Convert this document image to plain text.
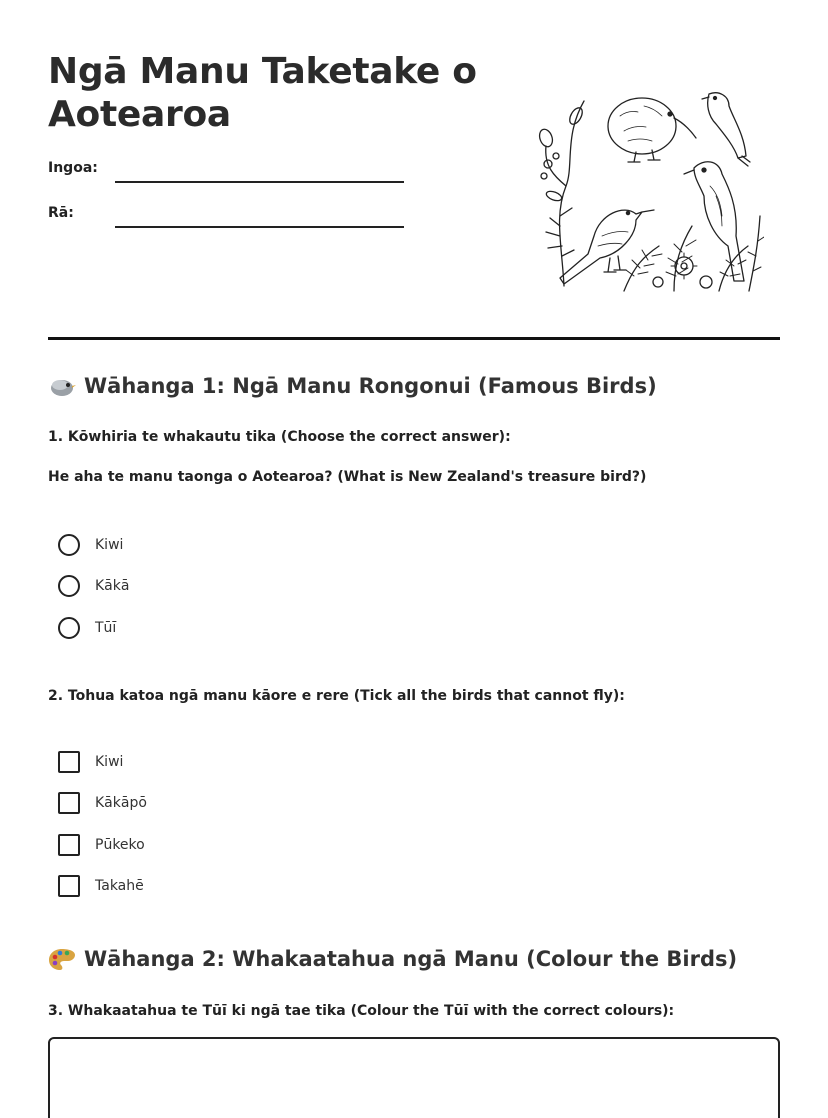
Ngā Manu Taketake o Aotearoa
Ingoa:
Rā:
Wāhanga 1: Ngā Manu Rongonui (Famous Birds)
1. Kōwhiria te whakautu tika (Choose the correct answer):
He aha te manu taonga o Aotearoa? (What is New Zealand's treasure bird?)
Kiwi
Kākā
Tūī
2. Tohua katoa ngā manu kāore e rere (Tick all the birds that cannot fly):
Kiwi
Kākāpō
Pūkeko
Takahē
Wāhanga 2: Whakaatahua ngā Manu (Colour the Birds)
3. Whakaatahua te Tūī ki ngā tae tika (Colour the Tūī with the correct colours):
